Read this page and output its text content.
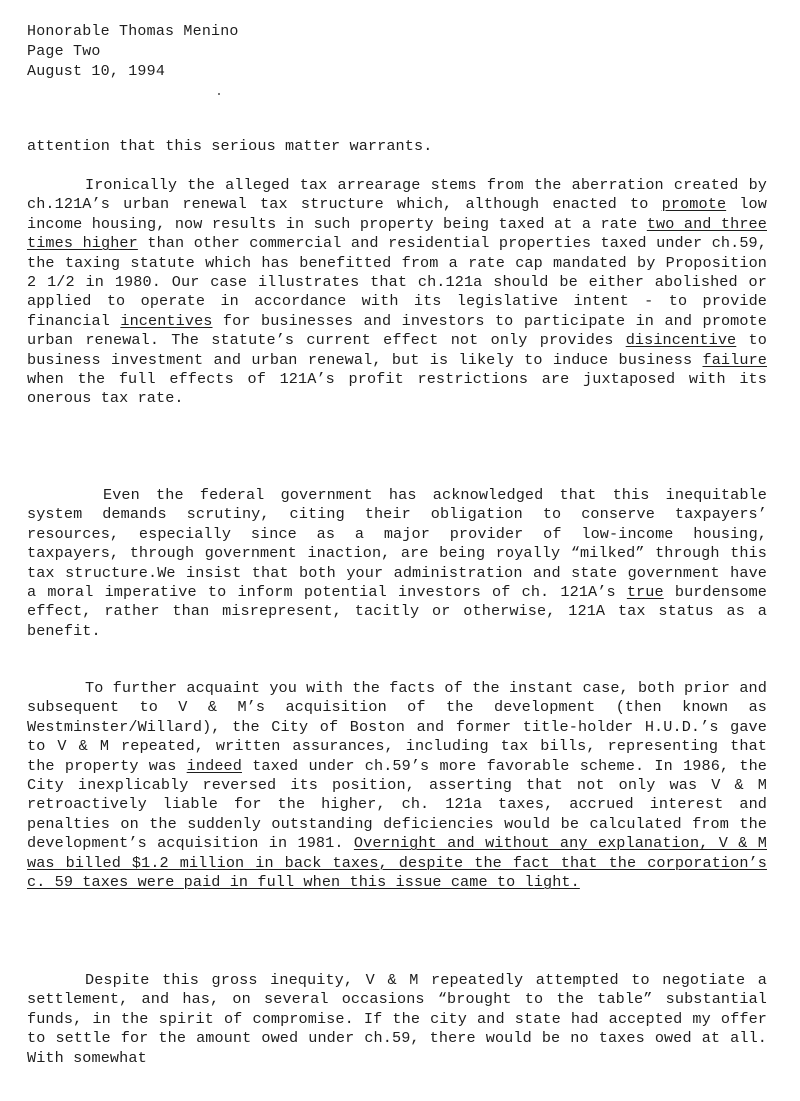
Honorable Thomas Menino
Page Two
August 10, 1994

attention that this serious matter warrants.

Ironically the alleged tax arrearage stems from the aberration created by ch.121A’s urban renewal tax structure which, although enacted to promote low income housing, now results in such property being taxed at a rate two and three times higher than other commercial and residential properties taxed under ch.59, the taxing statute which has benefitted from a rate cap mandated by Proposition 2 1/2 in 1980. Our case illustrates that ch.121a should be either abolished or applied to operate in accordance with its legislative intent - to provide financial incentives for businesses and investors to participate in and promote urban renewal. The statute’s current effect not only provides disincentive to business investment and urban renewal, but is likely to induce business failure when the full effects of 121A’s profit restrictions are juxtaposed with its onerous tax rate.

Even the federal government has acknowledged that this inequitable system demands scrutiny, citing their obligation to conserve taxpayers’ resources, especially since as a major provider of low-income housing, taxpayers, through government inaction, are being royally “milked” through this tax structure.We insist that both your administration and state government have a moral imperative to inform potential investors of ch. 121A’s true burdensome effect, rather than misrepresent, tacitly or otherwise, 121A tax status as a benefit.

To further acquaint you with the facts of the instant case, both prior and subsequent to V & M’s acquisition of the development (then known as Westminster/Willard), the City of Boston and former title-holder H.U.D.’s gave to V & M repeated, written assurances, including tax bills, representing that the property was indeed taxed under ch.59’s more favorable scheme. In 1986, the City inexplicably reversed its position, asserting that not only was V & M retroactively liable for the higher, ch. 121a taxes, accrued interest and penalties on the suddenly outstanding deficiencies would be calculated from the development’s acquisition in 1981. Overnight and without any explanation, V & M was billed $1.2 million in back taxes, despite the fact that the corporation’s c. 59 taxes were paid in full when this issue came to light.

Despite this gross inequity, V & M repeatedly attempted to negotiate a settlement, and has, on several occasions “brought to the table” substantial funds, in the spirit of compromise. If the city and state had accepted my offer to settle for the amount owed under ch.59, there would be no taxes owed at all. With somewhat
